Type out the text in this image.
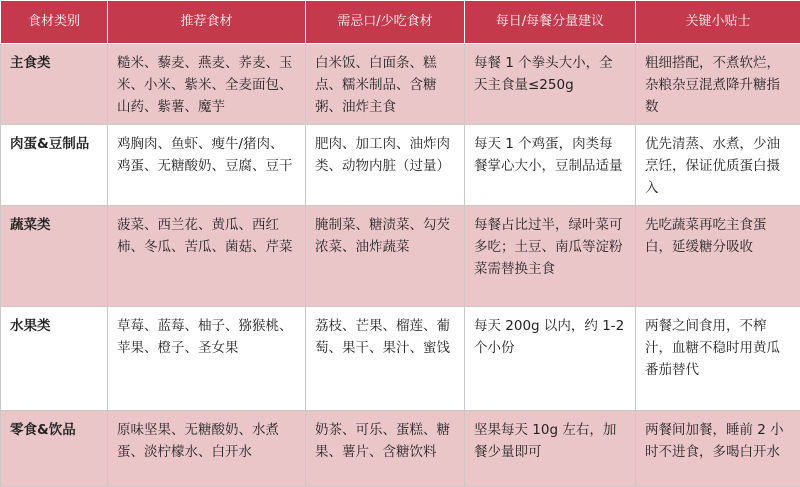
食材类别	推荐食材	需忌口/少吃食材	每日/每餐分量建议	关键小贴士
主食类	糙米、藜麦、燕麦、荞麦、玉米、小米、紫米、全麦面包、山药、紫薯、魔芋	白米饭、白面条、糕点、糯米制品、含糖粥、油炸主食	每餐 1 个拳头大小，全天主食量≤250g	粗细搭配，不煮软烂，杂粮杂豆混煮降升糖指数
肉蛋&豆制品	鸡胸肉、鱼虾、瘦牛/猪肉、鸡蛋、无糖酸奶、豆腐、豆干	肥肉、加工肉、油炸肉类、动物内脏（过量）	每天 1 个鸡蛋，肉类每餐掌心大小，豆制品适量	优先清蒸、水煮，少油烹饪，保证优质蛋白摄入
蔬菜类	菠菜、西兰花、黄瓜、西红柿、冬瓜、苦瓜、菌菇、芹菜	腌制菜、糖渍菜、勾芡浓菜、油炸蔬菜	每餐占比过半，绿叶菜可多吃；土豆、南瓜等淀粉菜需替换主食	先吃蔬菜再吃主食蛋白，延缓糖分吸收
水果类	草莓、蓝莓、柚子、猕猴桃、苹果、橙子、圣女果	荔枝、芒果、榴莲、葡萄、果干、果汁、蜜饯	每天 200g 以内，约 1-2 个小份	两餐之间食用，不榨汁，血糖不稳时用黄瓜番茄替代
零食&饮品	原味坚果、无糖酸奶、水煮蛋、淡柠檬水、白开水	奶茶、可乐、蛋糕、糖果、薯片、含糖饮料	坚果每天 10g 左右，加餐少量即可	两餐间加餐，睡前 2 小时不进食，多喝白开水
